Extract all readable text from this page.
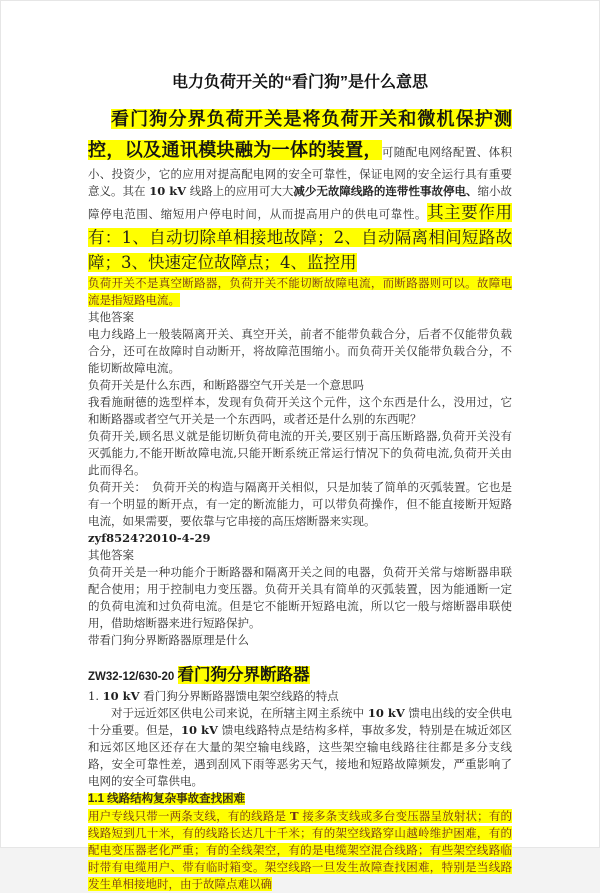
电力负荷开关的“看门狗”是什么意思

看门狗分界负荷开关是将负荷开关和微机保护测控，以及通讯模块融为一体的装置，可随配电网络配置、体积小、投资少，它的应用对提高配电网的安全可靠性，保证电网的安全运行具有重要意义。其在 10 kV 线路上的应用可大大减少无故障线路的连带性事故停电、缩小故障停电范围、缩短用户停电时间，从而提高用户的供电可靠性。其主要作用有：1、自动切除单相接地故障；2、自动隔离相间短路故障；3、快速定位故障点；4、监控用

负荷开关不是真空断路器，负荷开关不能切断故障电流，而断路器则可以。故障电流是指短路电流。

其他答案

电力线路上一般装隔离开关、真空开关，前者不能带负载合分，后者不仅能带负载合分，还可在故障时自动断开，将故障范围缩小。而负荷开关仅能带负载合分，不能切断故障电流。

负荷开关是什么东西，和断路器空气开关是一个意思吗

我看施耐德的选型样本，发现有负荷开关这个元件，这个东西是什么，没用过，它和断路器或者空气开关是一个东西吗，或者还是什么别的东西呢？

负荷开关,顾名思义就是能切断负荷电流的开关,要区别于高压断路器,负荷开关没有灭弧能力,不能开断故障电流,只能开断系统正常运行情况下的负荷电流,负荷开关由此而得名。

负荷开关：　负荷开关的构造与隔离开关相似，只是加装了简单的灭弧装置。它也是有一个明显的断开点，有一定的断流能力，可以带负荷操作，但不能直接断开短路电流，如果需要，要依靠与它串接的高压熔断器来实现。

zyf8524?2010-4-29

其他答案

负荷开关是一种功能介于断路器和隔离开关之间的电器，负荷开关常与熔断器串联配合使用；用于控制电力变压器。负荷开关具有简单的灭弧装置，因为能通断一定的负荷电流和过负荷电流。但是它不能断开短路电流，所以它一般与熔断器串联使用，借助熔断器来进行短路保护。

带看门狗分界断路器原理是什么

ZW32-12/630-20 看门狗分界断路器

1. 10 kV 看门狗分界断路器馈电架空线路的特点

对于远近郊区供电公司来说，在所辖主网主系统中 10 kV 馈电出线的安全供电十分重要。但是，10 kV 馈电线路特点是结构多样，事故多发，特别是在城近郊区和远郊区地区还存在大量的架空输电线路，这些架空输电线路往往都是多分支线路，安全可靠性差，遇到刮风下雨等恶劣天气，接地和短路故障频发，严重影响了电网的安全可靠供电。

1.1 线路结构复杂事故查找困难

用户专线只带一两条支线，有的线路是 T 接多条支线或多台变压器呈放射状；有的线路短到几十米，有的线路长达几十千米；有的架空线路穿山越岭维护困难，有的配电变压器老化严重；有的全线架空，有的是电缆架空混合线路；有些架空线路临时带有电缆用户、带有临时箱变。架空线路一旦发生故障查找困难，特别是当线路发生单相接地时，由于故障点难以确
